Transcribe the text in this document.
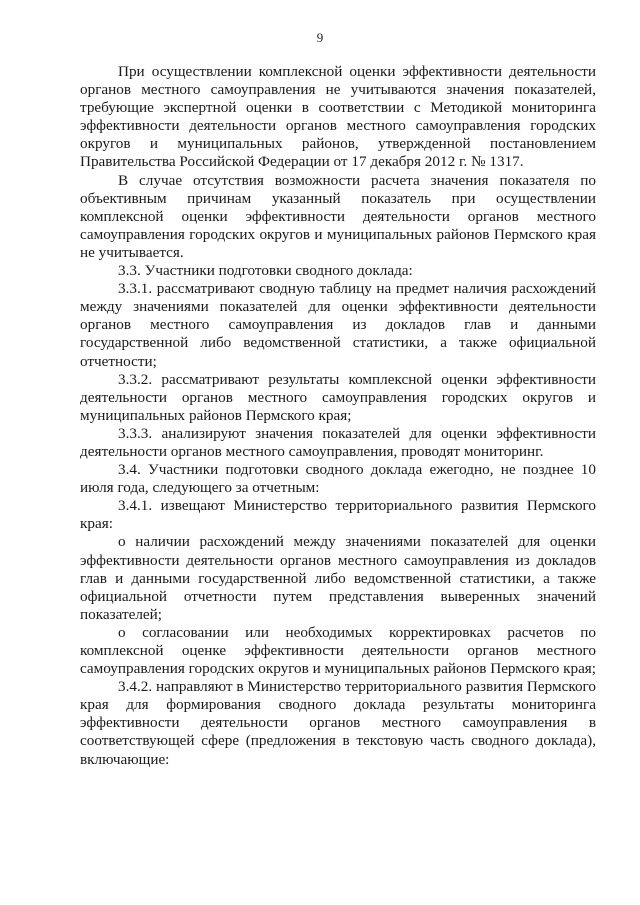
9

При осуществлении комплексной оценки эффективности деятельности органов местного самоуправления не учитываются значения показателей, требующие экспертной оценки в соответствии с Методикой мониторинга эффективности деятельности органов местного самоуправления городских округов и муниципальных районов, утвержденной постановлением Правительства Российской Федерации от 17 декабря 2012 г. № 1317.

В случае отсутствия возможности расчета значения показателя по объективным причинам указанный показатель при осуществлении комплексной оценки эффективности деятельности органов местного самоуправления городских округов и муниципальных районов Пермского края не учитывается.

3.3. Участники подготовки сводного доклада:

3.3.1. рассматривают сводную таблицу на предмет наличия расхождений между значениями показателей для оценки эффективности деятельности органов местного самоуправления из докладов глав и данными государственной либо ведомственной статистики, а также официальной отчетности;

3.3.2. рассматривают результаты комплексной оценки эффективности деятельности органов местного самоуправления городских округов и муниципальных районов Пермского края;

3.3.3. анализируют значения показателей для оценки эффективности деятельности органов местного самоуправления, проводят мониторинг.

3.4. Участники подготовки сводного доклада ежегодно, не позднее 10 июля года, следующего за отчетным:

3.4.1. извещают Министерство территориального развития Пермского края:

о наличии расхождений между значениями показателей для оценки эффективности деятельности органов местного самоуправления из докладов глав и данными государственной либо ведомственной статистики, а также официальной отчетности путем представления выверенных значений показателей;

о согласовании или необходимых корректировках расчетов по комплексной оценке эффективности деятельности органов местного самоуправления городских округов и муниципальных районов Пермского края;

3.4.2. направляют в Министерство территориального развития Пермского края для формирования сводного доклада результаты мониторинга эффективности деятельности органов местного самоуправления в соответствующей сфере (предложения в текстовую часть сводного доклада), включающие:
